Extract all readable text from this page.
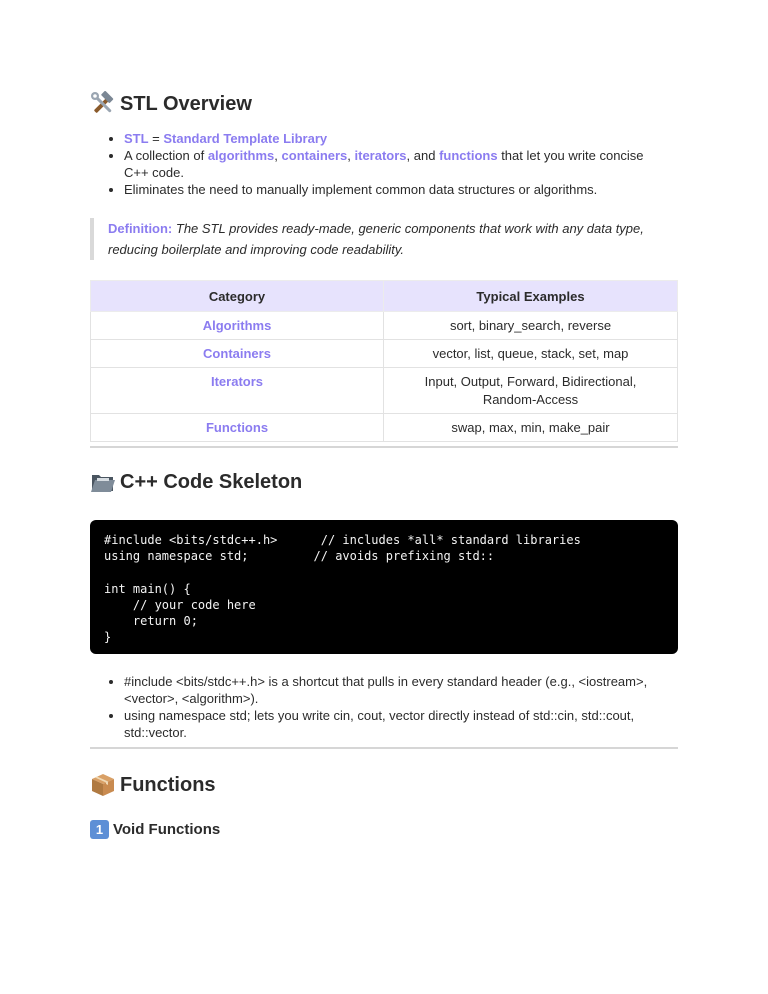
STL Overview
• STL = Standard Template Library
• A collection of algorithms, containers, iterators, and functions that let you write concise C++ code.
• Eliminates the need to manually implement common data structures or algorithms.
Definition: The STL provides ready-made, generic components that work with any data type, reducing boilerplate and improving code readability.
Category	Typical Examples
Algorithms	sort, binary_search, reverse
Containers	vector, list, queue, stack, set, map
Iterators	Input, Output, Forward, Bidirectional, Random-Access
Functions	swap, max, min, make_pair
C++ Code Skeleton
#include <bits/stdc++.h>      // includes *all* standard libraries
using namespace std;         // avoids prefixing std::

int main() {
// your code here
return 0;
}
• #include <bits/stdc++.h> is a shortcut that pulls in every standard header (e.g., <iostream>, <vector>, <algorithm>).
• using namespace std; lets you write cin, cout, vector directly instead of std::cin, std::cout, std::vector.
Functions
1 Void Functions
